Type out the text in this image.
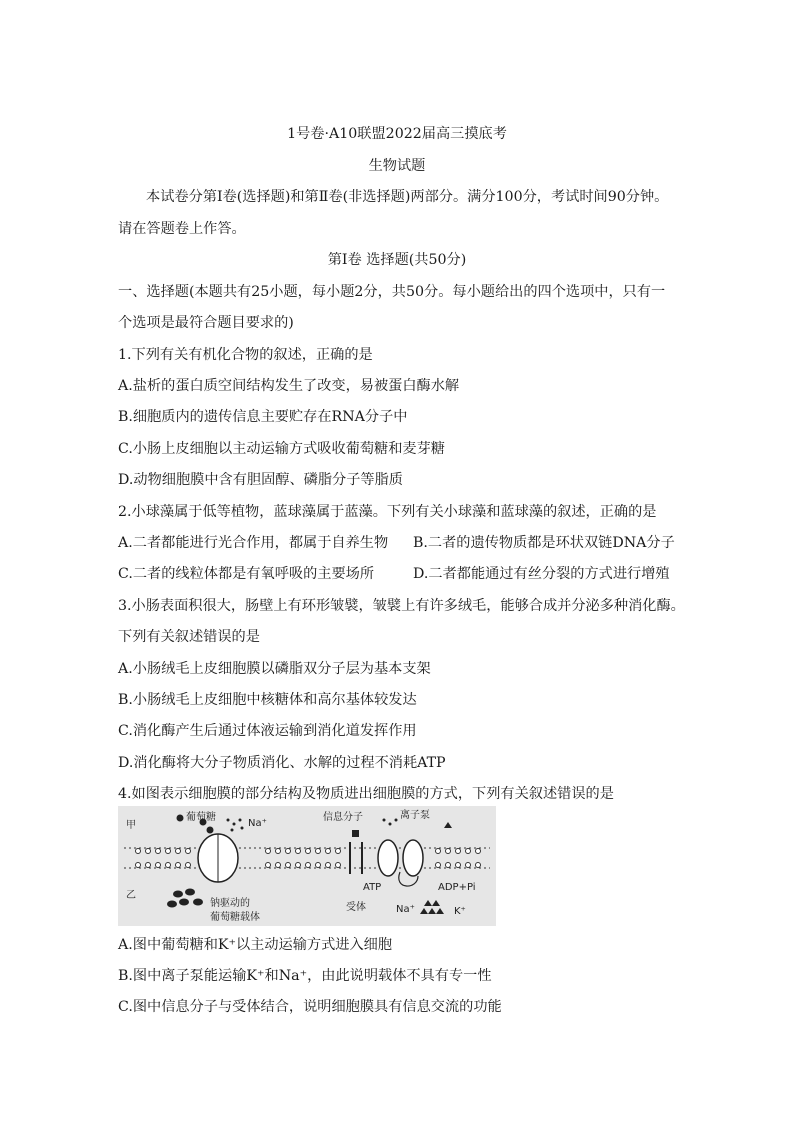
1号卷·A10联盟2022届高三摸底考
生物试题
本试卷分第Ⅰ卷(选择题)和第Ⅱ卷(非选择题)两部分。满分100分，考试时间90分钟。
请在答题卷上作答。
第Ⅰ卷 选择题(共50分)
一、选择题(本题共有25小题，每小题2分，共50分。每小题给出的四个选项中，只有一
个选项是最符合题目要求的)
1.下列有关有机化合物的叙述，正确的是
A.盐析的蛋白质空间结构发生了改变，易被蛋白酶水解
B.细胞质内的遗传信息主要贮存在RNA分子中
C.小肠上皮细胞以主动运输方式吸收葡萄糖和麦芽糖
D.动物细胞膜中含有胆固醇、磷脂分子等脂质
2.小球藻属于低等植物，蓝球藻属于蓝藻。下列有关小球藻和蓝球藻的叙述，正确的是
A.二者都能进行光合作用，都属于自养生物 B.二者的遗传物质都是环状双链DNA分子
C.二者的线粒体都是有氧呼吸的主要场所	D.二者都能通过有丝分裂的方式进行增殖
3.小肠表面积很大，肠壁上有环形皱襞，皱襞上有许多绒毛，能够合成并分泌多种消化酶。
下列有关叙述错误的是
A.小肠绒毛上皮细胞膜以磷脂双分子层为基本支架
B.小肠绒毛上皮细胞中核糖体和高尔基体较发达
C.消化酶产生后通过体液运输到消化道发挥作用
D.消化酶将大分子物质消化、水解的过程不消耗ATP
4.如图表示细胞膜的部分结构及物质进出细胞膜的方式，下列有关叙述错误的是
甲
乙
葡萄糖
Na⁺
信息分子	离子泵
ATP	ADP+Pi
受体	Na⁺	K⁺
钠驱动的
葡萄糖载体
A.图中葡萄糖和K⁺以主动运输方式进入细胞
B.图中离子泵能运输K⁺和Na⁺，由此说明载体不具有专一性
C.图中信息分子与受体结合，说明细胞膜具有信息交流的功能
